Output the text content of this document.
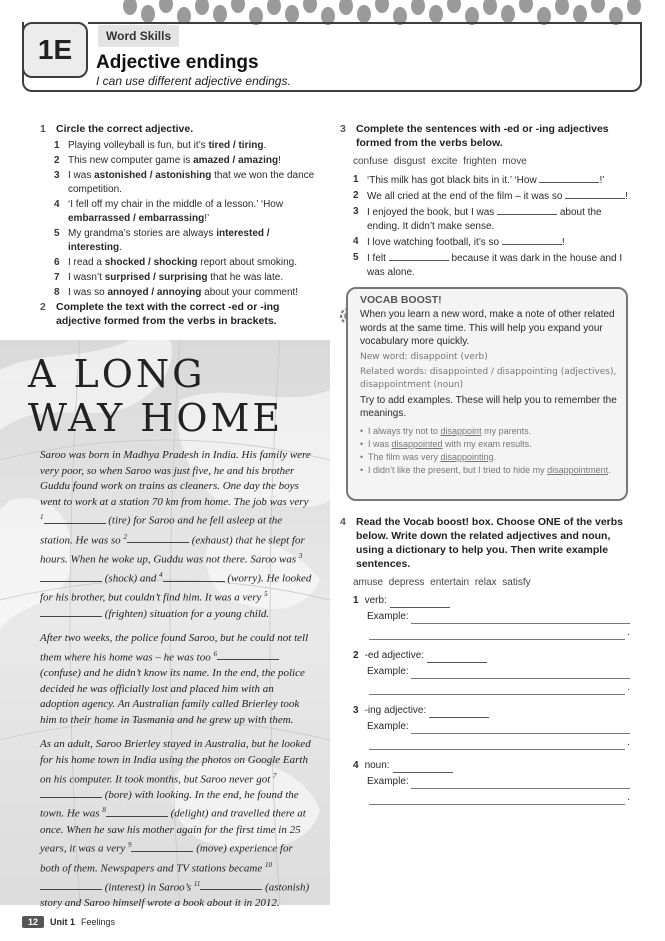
1E	Word Skills
Adjective endings
I can use different adjective endings.
1 Circle the correct adjective.
1 Playing volleyball is fun, but it’s tired / tiring.
2 This new computer game is amazed / amazing!
3 I was astonished / astonishing that we won the dance competition.
4 ‘I fell off my chair in the middle of a lesson.’ ‘How embarrassed / embarrassing!’
5 My grandma’s stories are always interested / interesting.
6 I read a shocked / shocking report about smoking.
7 I wasn’t surprised / surprising that he was late.
8 I was so annoyed / annoying about your comment!
2 Complete the text with the correct -ed or -ing adjective formed from the verbs in brackets.
A LONG
WAY HOME

Saroo was born in Madhya Pradesh in India. His family were very poor, so when Saroo was just five, he and his brother Guddu found work on trains as cleaners. One day the boys went to work at a station 70 km from home. The job was very $^1$	(tire) for Saroo and he fell asleep at the station. He was so $^2$	(exhaust) that he slept for hours. When he woke up, Guddu was not there. Saroo was $^3$ (shock) and $^4$	(worry). He looked for his brother, but couldn’t find him. It was a very $^5$ (frighten) situation for a young child.

After two weeks, the police found Saroo, but he could not tell them where his home was – he was too $^6$ (confuse) and he didn’t know its name. In the end, the police decided he was officially lost and placed him with an adoption agency. An Australian family called Brierley took him to their home in Tasmania and he grew up with them.

As an adult, Saroo Brierley stayed in Australia, but he looked for his home town in India using the photos on Google Earth on his computer. It took months, but Saroo never got $^7$ (bore) with looking. In the end, he found the town. He was $^8$	(delight) and travelled there at once. When he saw his mother again for the first time in 25 years, it was a very $^9$	(move) experience for both of them. Newspapers and TV stations became $^{10}$ (interest) in Saroo’s $^{11}$	(astonish) story and Saroo himself wrote a book about it in 2012.

3 Complete the sentences with -ed or -ing adjectives formed from the verbs below.
confuse disgust excite frighten move
1 ‘This milk has got black bits in it.’ ‘How	!’
2 We all cried at the end of the film – it was so	!
3 I enjoyed the book, but I was	about the ending. It didn’t make sense.
4 I love watching football, it’s so	!
5 I felt	because it was dark in the house and I was alone.
VOCAB BOOST!

When you learn a new word, make a note of other related words at the same time. This will help you expand your vocabulary more quickly.

New word: disappoint (verb)

Related words: disappointed / disappointing (adjectives), disappointment (noun)

Try to add examples. These will help you to remember the meanings.

• I always try not to disappoint my parents.
• I was disappointed with my exam results.
• The film was very disappointing.
• I didn’t like the present, but I tried to hide my disappointment.
4 Read the Vocab boost! box. Choose ONE of the verbs below. Write down the related adjectives and noun, using a dictionary to help you. Then write example sentences.
amuse depress entertain relax satisfy
1 verb:
Example:
.
2 -ed adjective:
Example:
.
3 -ing adjective:
Example:
.
4 noun:
Example:
.
12	Unit 1 Feelings
